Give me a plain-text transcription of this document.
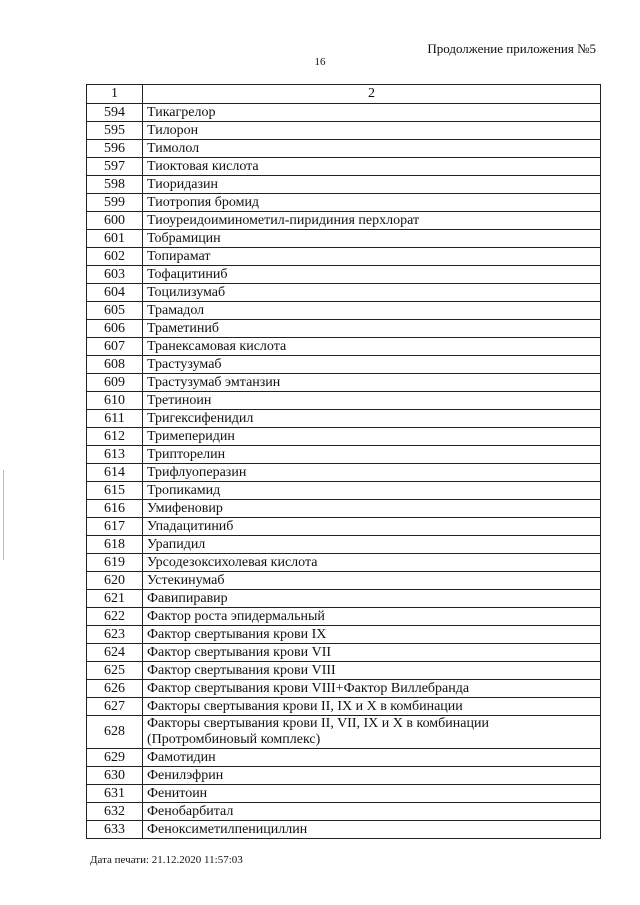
Продолжение приложения №5
16
1	2
594	Тикагрелор
595	Тилорон
596	Тимолол
597	Тиоктовая кислота
598	Тиоридазин
599	Тиотропия бромид
600	Тиоуреидоиминометил-пиридиния перхлорат
601	Тобрамицин
602	Топирамат
603	Тофацитиниб
604	Тоцилизумаб
605	Трамадол
606	Траметиниб
607	Транексамовая кислота
608	Трастузумаб
609	Трастузумаб эмтанзин
610	Третиноин
611	Тригексифенидил
612	Тримеперидин
613	Трипторелин
614	Трифлуоперазин
615	Тропикамид
616	Умифеновир
617	Упадацитиниб
618	Урапидил
619	Урсодезоксихолевая кислота
620	Устекинумаб
621	Фавипиравир
622	Фактор роста эпидермальный
623	Фактор свертывания крови IX
624	Фактор свертывания крови VII
625	Фактор свертывания крови VIII
626	Фактор свертывания крови VIII+Фактор Виллебранда
627	Факторы свертывания крови II, IX и X в комбинации
628	Факторы свертывания крови II, VII, IX и X в комбинации
(Протромбиновый комплекс)

629	Фамотидин
630	Фенилэфрин
631	Фенитоин
632	Фенобарбитал
633	Феноксиметилпенициллин
Дата печати: 21.12.2020 11:57:03
